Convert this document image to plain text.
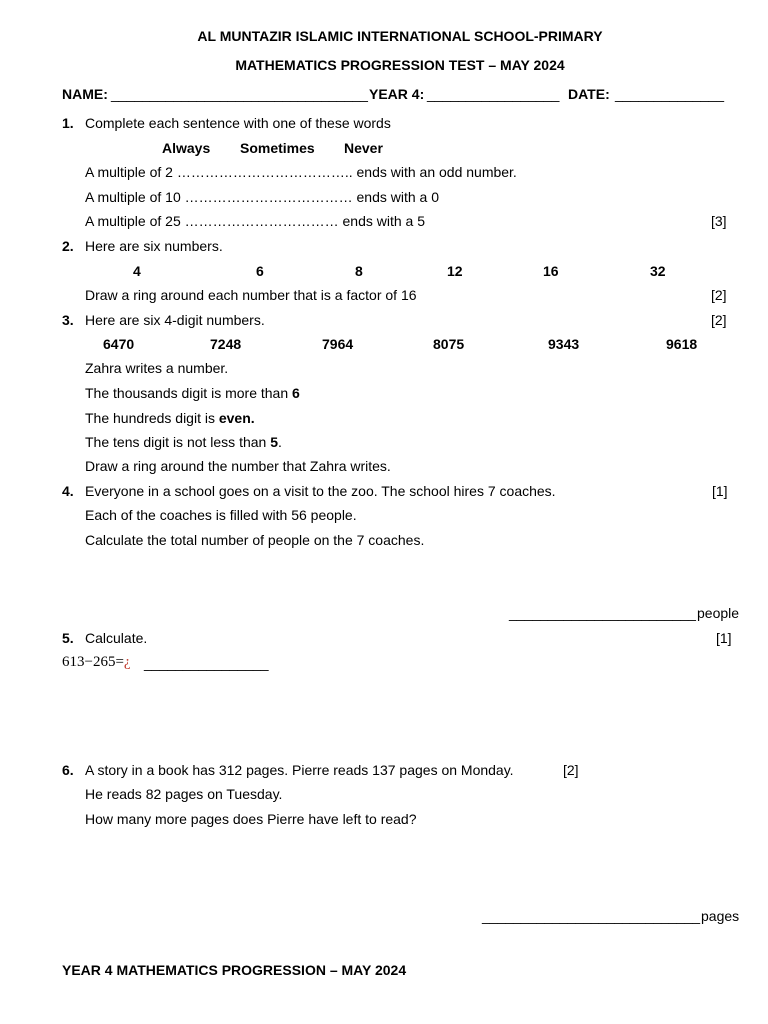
AL MUNTAZIR ISLAMIC INTERNATIONAL SCHOOL-PRIMARY
MATHEMATICS PROGRESSION TEST – MAY 2024
NAME: _________________________________ YEAR 4: _________________ DATE: ______________
1. Complete each sentence with one of these words
Always Sometimes Never
A multiple of 2 ……………………………….. ends with an odd number.
A multiple of 10 ……………………………… ends with a 0
A multiple of 25 …………………………… ends with a 5	[3]
2. Here are six numbers.
4	6	8	12	16	32
Draw a ring around each number that is a factor of 16	[2]
3. Here are six 4-digit numbers.	[2]
6470	7248	7964	8075	9343	9618
Zahra writes a number.
The thousands digit is more than 6
The hundreds digit is even.
The tens digit is not less than 5.
Draw a ring around the number that Zahra writes.
4. Everyone in a school goes on a visit to the zoo. The school hires 7 coaches.	[1]
Each of the coaches is filled with 56 people.
Calculate the total number of people on the 7 coaches.
________________________ people
5. Calculate.	[1]
613−265=¿ ________________
6. A story in a book has 312 pages. Pierre reads 137 pages on Monday.	[2]
He reads 82 pages on Tuesday.
How many more pages does Pierre have left to read?
____________________________ pages
YEAR 4 MATHEMATICS PROGRESSION – MAY 2024
